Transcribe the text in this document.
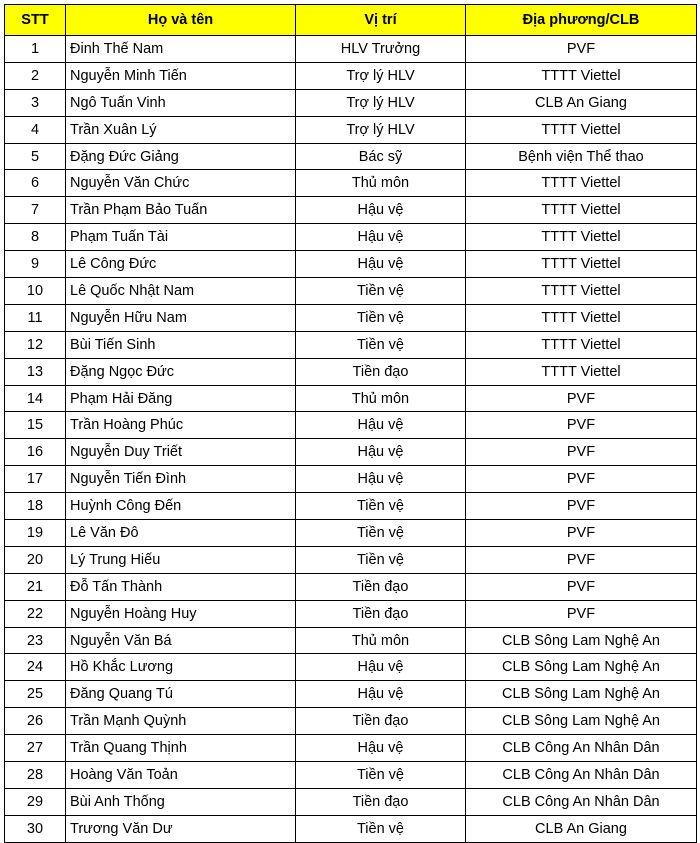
STT	Họ và tên	Vị trí	Địa phương/CLB
1	Đinh Thế Nam	HLV Trưởng	PVF
2	Nguyễn Minh Tiến	Trợ lý HLV	TTTT Viettel
3	Ngô Tuấn Vinh	Trợ lý HLV	CLB An Giang
4	Trần Xuân Lý	Trợ lý HLV	TTTT Viettel
5	Đặng Đức Giảng	Bác sỹ	Bệnh viện Thể thao
6	Nguyễn Văn Chức	Thủ môn	TTTT Viettel
7	Trần Phạm Bảo Tuấn	Hậu vệ	TTTT Viettel
8	Phạm Tuấn Tài	Hậu vệ	TTTT Viettel
9	Lê Công Đức	Hậu vệ	TTTT Viettel
10	Lê Quốc Nhật Nam	Tiền vệ	TTTT Viettel
11	Nguyễn Hữu Nam	Tiền vệ	TTTT Viettel
12	Bùi Tiến Sinh	Tiền vệ	TTTT Viettel
13	Đặng Ngọc Đức	Tiền đạo	TTTT Viettel
14	Phạm Hải Đăng	Thủ môn	PVF
15	Trần Hoàng Phúc	Hậu vệ	PVF
16	Nguyễn Duy Triết	Hậu vệ	PVF
17	Nguyễn Tiến Đình	Hậu vệ	PVF
18	Huỳnh Công Đến	Tiền vệ	PVF
19	Lê Văn Đô	Tiền vệ	PVF
20	Lý Trung Hiếu	Tiền vệ	PVF
21	Đỗ Tấn Thành	Tiền đạo	PVF
22	Nguyễn Hoàng Huy	Tiền đạo	PVF
23	Nguyễn Văn Bá	Thủ môn	CLB Sông Lam Nghệ An
24	Hồ Khắc Lương	Hậu vệ	CLB Sông Lam Nghệ An
25	Đăng Quang Tú	Hậu vệ	CLB Sông Lam Nghệ An
26	Trần Mạnh Quỳnh	Tiền đạo	CLB Sông Lam Nghệ An
27	Trần Quang Thịnh	Hậu vệ	CLB Công An Nhân Dân
28	Hoàng Văn Toản	Tiền vệ	CLB Công An Nhân Dân
29	Bùi Anh Thống	Tiền đạo	CLB Công An Nhân Dân
30	Trương Văn Dư	Tiền vệ	CLB An Giang
